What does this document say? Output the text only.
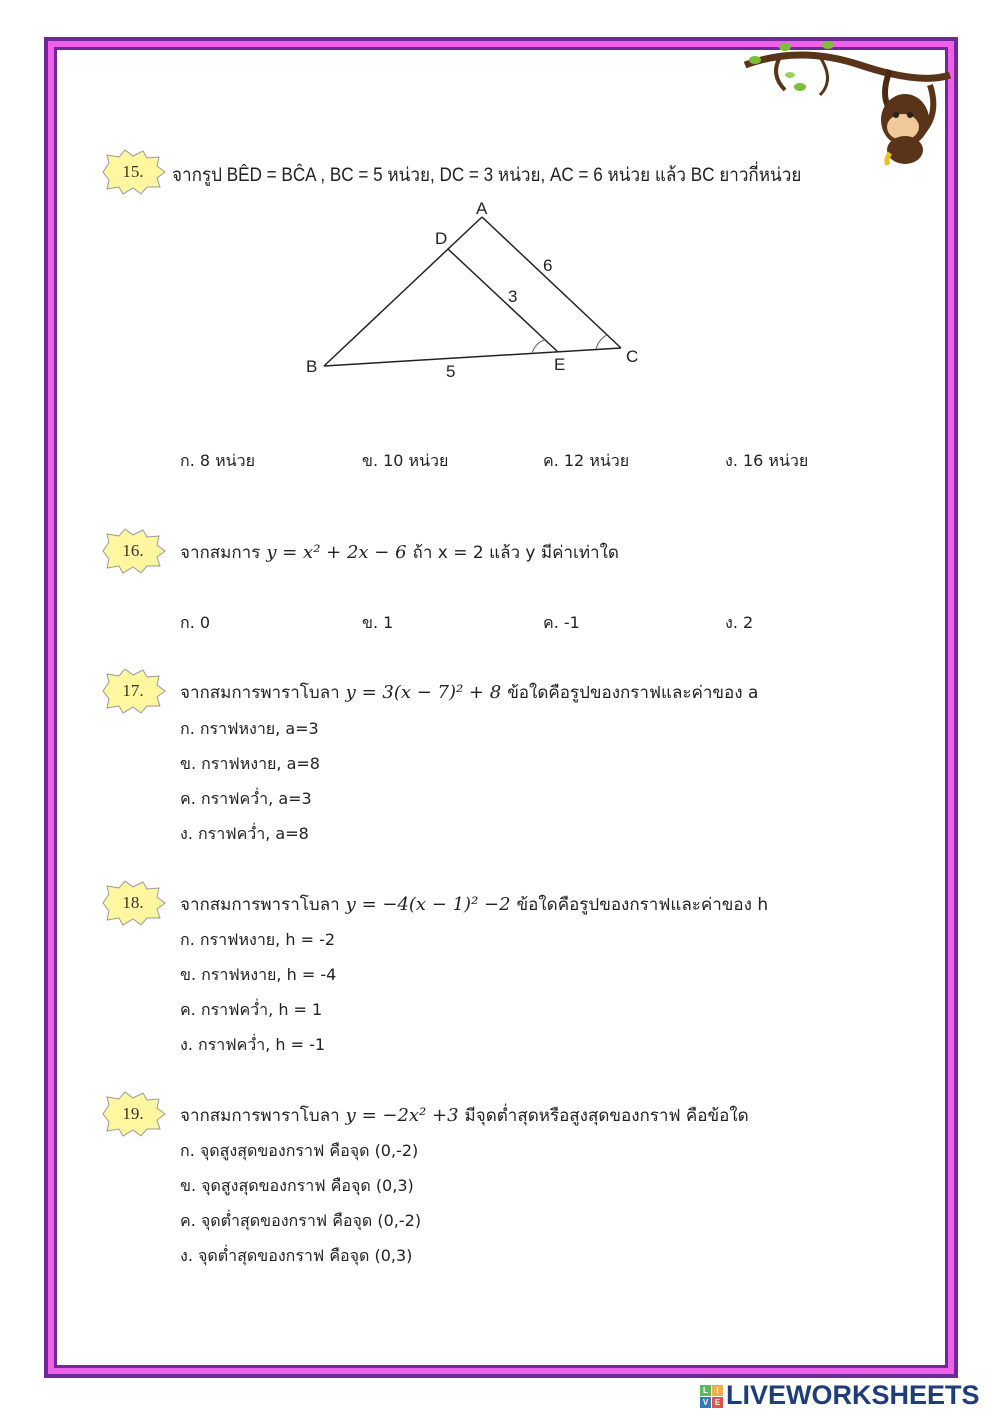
15.	จากรูป BÊD = BĈA , BC = 5 หน่วย, DC = 3 หน่วย, AC = 6 หน่วย แล้ว BC ยาวกี่หน่วย
A
B
C
D
E
5
3
6
ก. 8 หน่วย	ข. 10 หน่วย	ค. 12 หน่วย	ง. 16 หน่วย
16.	จากสมการ y = x² + 2x − 6 ถ้า x = 2 แล้ว y มีค่าเท่าใด
ก. 0	ข. 1	ค. -1	ง. 2
17.	จากสมการพาราโบลา y = 3(x − 7)² + 8 ข้อใดคือรูปของกราฟและค่าของ a
ก. กราฟหงาย, a=3
ข. กราฟหงาย, a=8
ค. กราฟคว่ำ, a=3
ง. กราฟคว่ำ, a=8
18.	จากสมการพาราโบลา y = −4(x − 1)² −2 ข้อใดคือรูปของกราฟและค่าของ h
ก. กราฟหงาย, h = -2
ข. กราฟหงาย, h = -4
ค. กราฟคว่ำ, h = 1
ง. กราฟคว่ำ, h = -1
19.	จากสมการพาราโบลา y = −2x² +3 มีจุดต่ำสุดหรือสูงสุดของกราฟ คือข้อใด
ก. จุดสูงสุดของกราฟ คือจุด (0,-2)
ข. จุดสูงสุดของกราฟ คือจุด (0,3)
ค. จุดต่ำสุดของกราฟ คือจุด (0,-2)
ง. จุดต่ำสุดของกราฟ คือจุด (0,3)
L	I
V E LIVEWORKSHEETS
